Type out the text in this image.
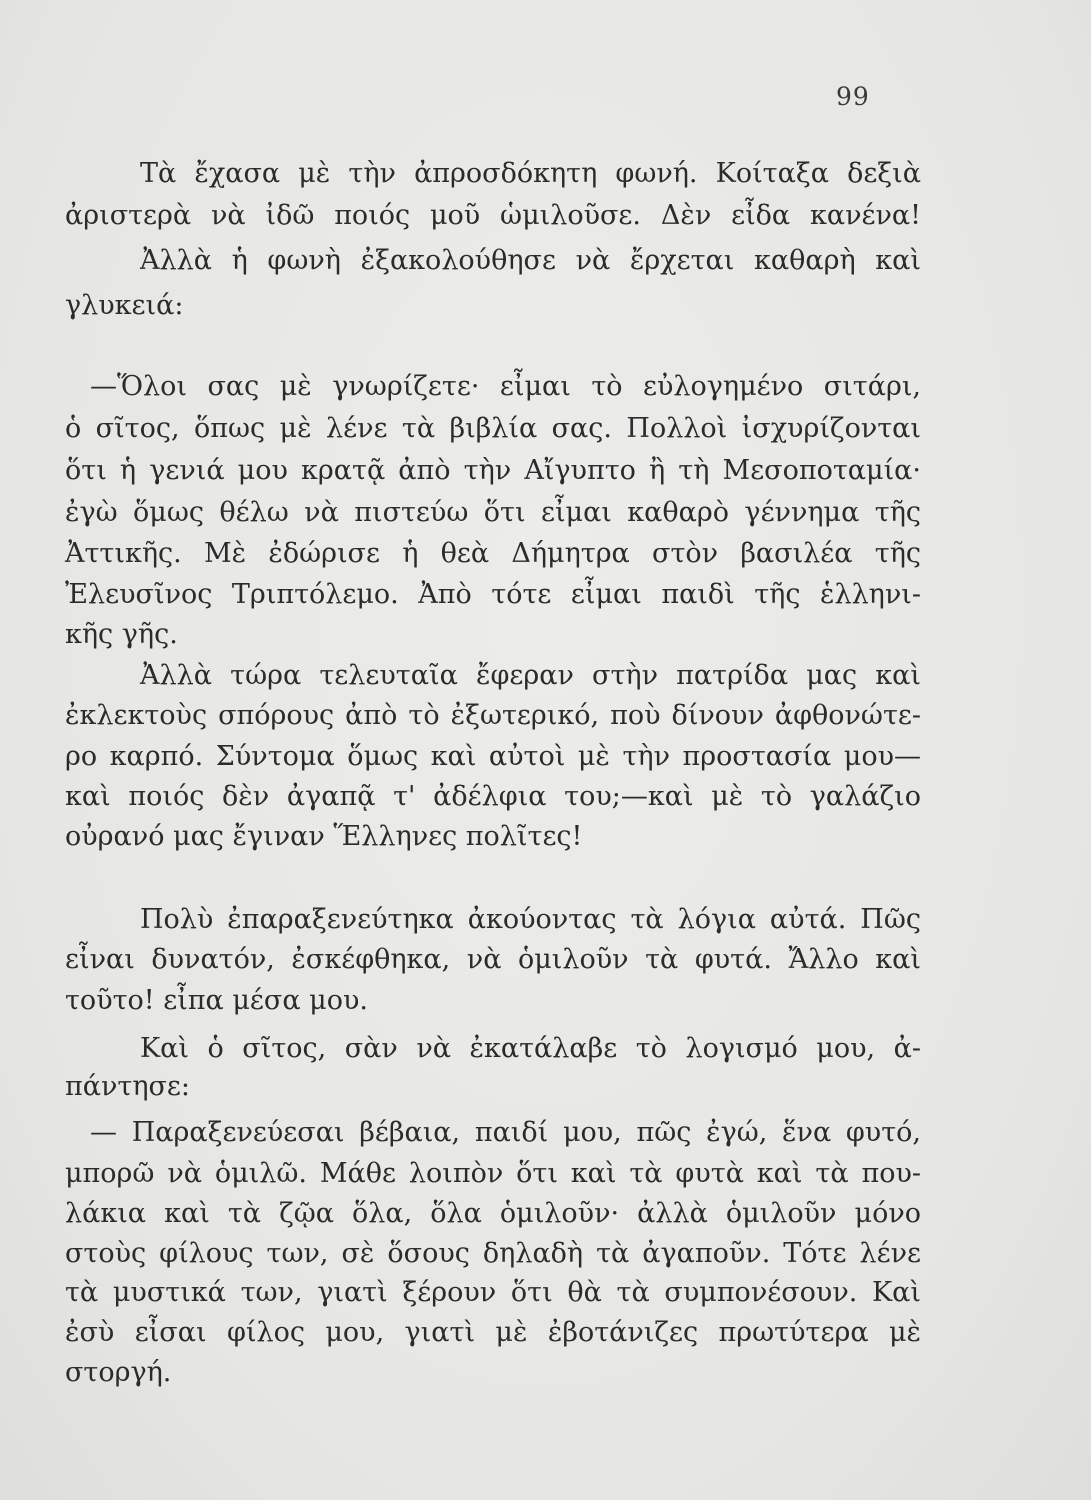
99
Τὰ ἔχασα μὲ τὴν ἀπροσδόκητη φωνή. Κοίταξα δεξιὰ
ἀριστερὰ νὰ ἰδῶ ποιός μοῦ ὡμιλοῦσε. Δὲν εἶδα κανένα!
Ἀλλὰ ἡ φωνὴ ἐξακολούθησε νὰ ἔρχεται καθαρὴ καὶ
γλυκειά:
—Ὅλοι σας μὲ γνωρίζετε· εἶμαι τὸ εὐλογημένο σιτάρι,
ὁ σῖτος, ὅπως μὲ λένε τὰ βιβλία σας. Πολλοὶ ἰσχυρίζονται
ὅτι ἡ γενιά μου κρατᾷ ἀπὸ τὴν Αἴγυπτο ἢ τὴ Μεσοποταμία·
ἐγὼ ὅμως θέλω νὰ πιστεύω ὅτι εἶμαι καθαρὸ γέννημα τῆς
Ἀττικῆς. Μὲ ἐδώρισε ἡ θεὰ Δήμητρα στὸν βασιλέα τῆς
Ἐλευσῖνος Τριπτόλεμο. Ἀπὸ τότε εἶμαι παιδὶ τῆς ἑλληνι-
κῆς γῆς.
Ἀλλὰ τώρα τελευταῖα ἔφεραν στὴν πατρίδα μας καὶ
ἐκλεκτοὺς σπόρους ἀπὸ τὸ ἐξωτερικό, ποὺ δίνουν ἀφθονώτε-
ρο καρπό. Σύντομα ὅμως καὶ αὐτοὶ μὲ τὴν προστασία μου—
καὶ ποιός δὲν ἀγαπᾷ τ' ἀδέλφια του;—καὶ μὲ τὸ γαλάζιο
οὐρανό μας ἔγιναν Ἕλληνες πολῖτες!
Πολὺ ἐπαραξενεύτηκα ἀκούοντας τὰ λόγια αὐτά. Πῶς
εἶναι δυνατόν, ἐσκέφθηκα, νὰ ὁμιλοῦν τὰ φυτά. Ἄλλο καὶ
τοῦτο! εἶπα μέσα μου.
Καὶ ὁ σῖτος, σὰν νὰ ἐκατάλαβε τὸ λογισμό μου, ἀ-
πάντησε:
— Παραξενεύεσαι βέβαια, παιδί μου, πῶς ἐγώ, ἕνα φυτό,
μπορῶ νὰ ὁμιλῶ. Μάθε λοιπὸν ὅτι καὶ τὰ φυτὰ καὶ τὰ που-
λάκια καὶ τὰ ζῷα ὅλα, ὅλα ὁμιλοῦν· ἀλλὰ ὁμιλοῦν μόνο
στοὺς φίλους των, σὲ ὅσους δηλαδὴ τὰ ἀγαποῦν. Τότε λένε
τὰ μυστικά των, γιατὶ ξέρουν ὅτι θὰ τὰ συμπονέσουν. Καὶ
ἐσὺ εἶσαι φίλος μου, γιατὶ μὲ ἐβοτάνιζες πρωτύτερα μὲ
στοργή.
